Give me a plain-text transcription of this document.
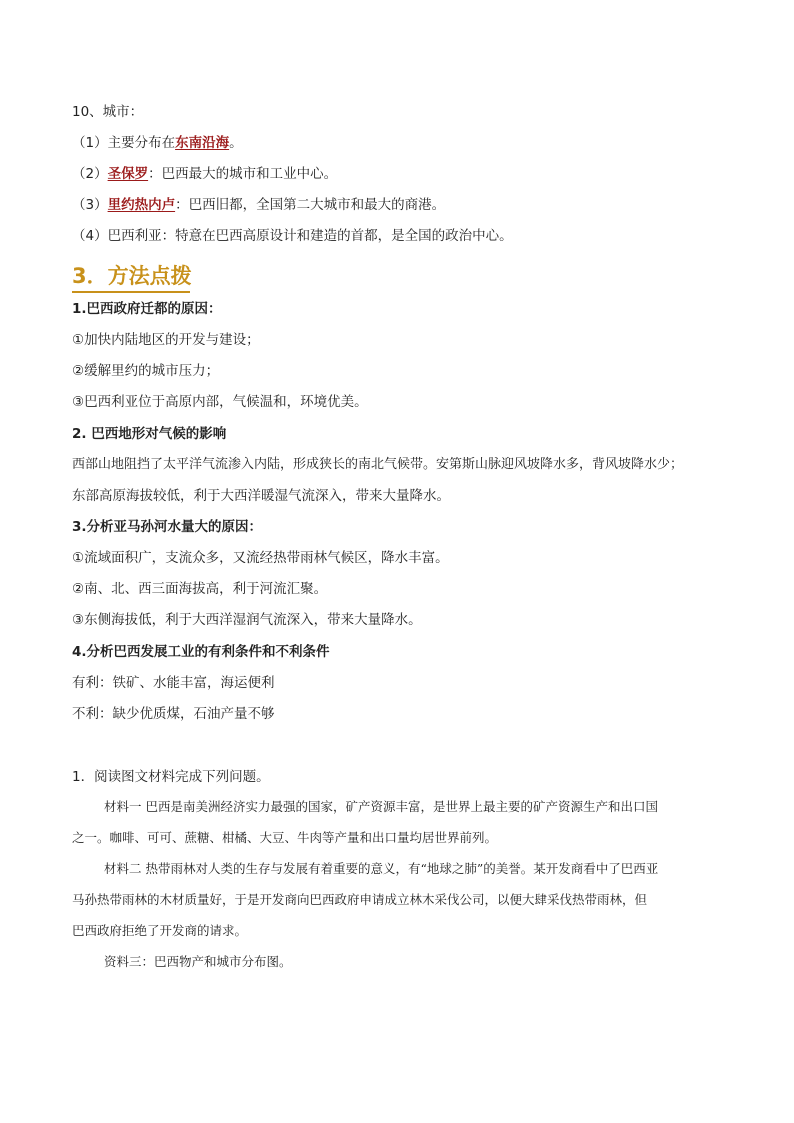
10、城市：
（1）主要分布在东南沿海。
（2）圣保罗：巴西最大的城市和工业中心。
（3）里约热内卢：巴西旧都，全国第二大城市和最大的商港。
（4）巴西利亚：特意在巴西高原设计和建造的首都，是全国的政治中心。
3．方法点拨
1.巴西政府迁都的原因：
①加快内陆地区的开发与建设；
②缓解里约的城市压力；
③巴西利亚位于高原内部，气候温和，环境优美。
2. 巴西地形对气候的影响
西部山地阻挡了太平洋气流渗入内陆，形成狭长的南北气候带。安第斯山脉迎风坡降水多，背风坡降水少；
东部高原海拔较低，利于大西洋暖湿气流深入，带来大量降水。
3.分析亚马孙河水量大的原因：
①流域面积广，支流众多，又流经热带雨林气候区，降水丰富。
②南、北、西三面海拔高，利于河流汇聚。
③东侧海拔低，利于大西洋湿润气流深入，带来大量降水。
4.分析巴西发展工业的有利条件和不利条件
有利：铁矿、水能丰富，海运便利
不利：缺少优质煤，石油产量不够
1．阅读图文材料完成下列问题。
材料一 巴西是南美洲经济实力最强的国家，矿产资源丰富，是世界上最主要的矿产资源生产和出口国
之一。咖啡、可可、蔗糖、柑橘、大豆、牛肉等产量和出口量均居世界前列。
材料二 热带雨林对人类的生存与发展有着重要的意义，有“地球之肺”的美誉。某开发商看中了巴西亚
马孙热带雨林的木材质量好，于是开发商向巴西政府申请成立林木采伐公司，以便大肆采伐热带雨林，但
巴西政府拒绝了开发商的请求。
资料三：巴西物产和城市分布图。
